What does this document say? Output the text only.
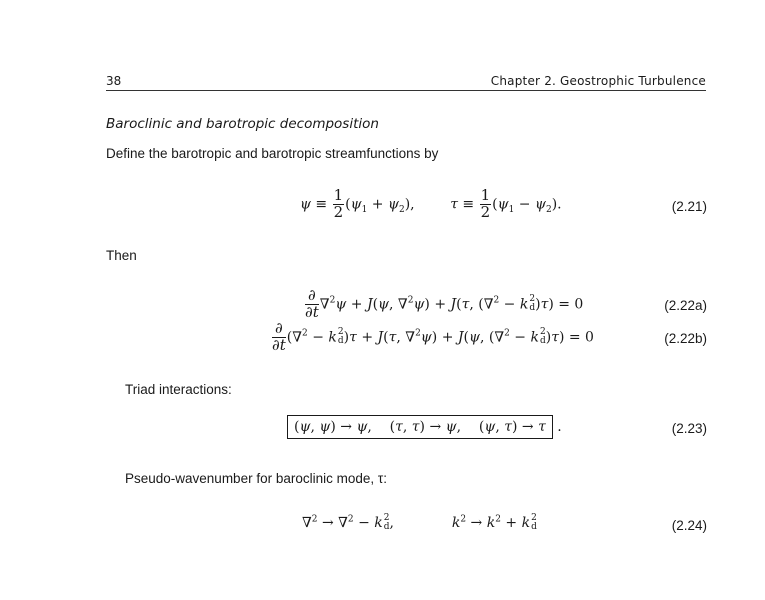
38	Chapter 2. Geostrophic Turbulence
Baroclinic and barotropic decomposition
Define the barotropic and barotropic streamfunctions by
$\psi \equiv \frac{1}{2} (\psi_1 + \psi_2)$,        $\tau \equiv \frac{1}{2} (\psi_1 - \psi_2)$.	(2.21)
Then
$\frac{\partial}{\partial t} \nabla^2\psi + J(\psi$, ∇$^2$ψ) + J(τ, (∇$^2$ − k 2
d )τ) = 0	(2.22a)
$\frac{\partial}{\partial t} (\nabla^2 - k$ 2
d )τ + J(τ, ∇$^2$ψ) + J(ψ, (∇$^2$ − k 2
d )τ) = 0	(2.22b)
Triad interactions:
(ψ, ψ) → ψ,    (τ, τ) → ψ,    (ψ, τ) → τ .	(2.23)
Pseudo-wavenumber for baroclinic mode, τ:
∇$^2$ → ∇$^2$ − k 2
d ,             $k^2 \to k^2 + k$ 2
d	(2.24)
